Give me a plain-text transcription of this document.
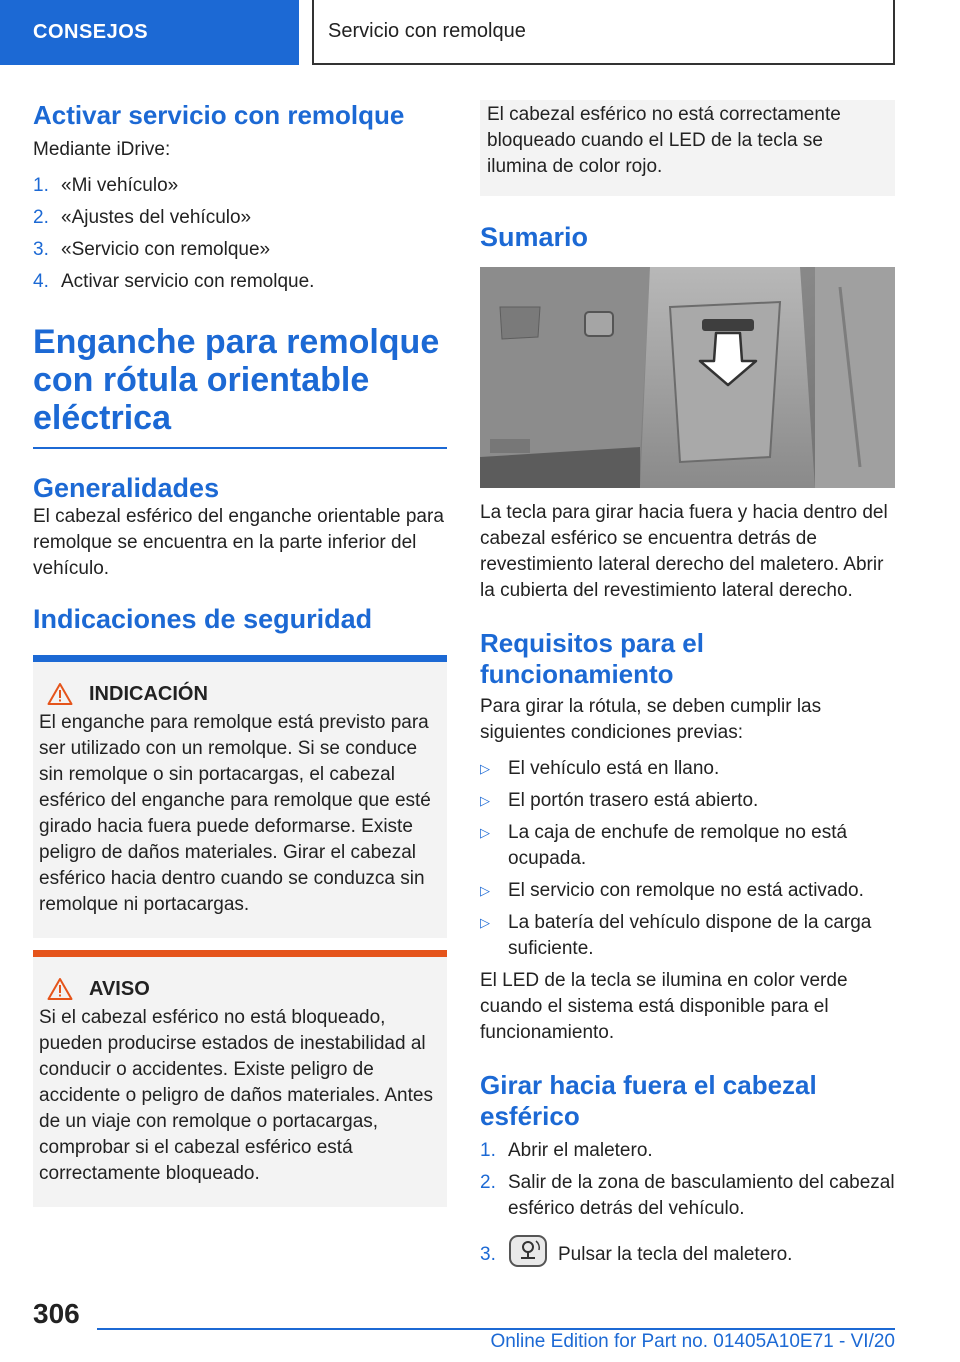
CONSEJOS	Servicio con remolque
Activar servicio con remolque

Mediante iDrive:

1. «Mi vehículo»
2. «Ajustes del vehículo»
3. «Servicio con remolque»
4. Activar servicio con remolque.
Enganche para remolque con rótula orientable eléctrica
Generalidades

El cabezal esférico del enganche orientable para remolque se encuentra en la parte inferior del vehículo.

Indicaciones de seguridad
INDICACIÓN

El enganche para remolque está previsto para ser utilizado con un remolque. Si se conduce sin remolque o sin portacargas, el cabezal esférico del enganche para remolque que esté girado hacia fuera puede deformarse. Existe peligro de daños materiales. Girar el cabezal esférico hacia dentro cuando se conduzca sin remolque ni portacargas.

AVISO

Si el cabezal esférico no está bloqueado, pueden producirse estados de inestabilidad al conducir o accidentes. Existe peligro de accidente o peligro de daños materiales. Antes de un viaje con remolque o portacargas, comprobar si el cabezal esférico está correctamente bloqueado.

El cabezal esférico no está correctamente bloqueado cuando el LED de la tecla se ilumina de color rojo.

Sumario

La tecla para girar hacia fuera y hacia dentro del cabezal esférico se encuentra detrás de revestimiento lateral derecho del maletero. Abrir la cubierta del revestimiento lateral derecho.

Requisitos para el funcionamiento

Para girar la rótula, se deben cumplir las siguientes condiciones previas:

▷ El vehículo está en llano.
▷ El portón trasero está abierto.
▷ La caja de enchufe de remolque no está ocupada.
▷ El servicio con remolque no está activado.
▷ La batería del vehículo dispone de la carga suficiente.

El LED de la tecla se ilumina en color verde cuando el sistema está disponible para el funcionamiento.

Girar hacia fuera el cabezal esférico
1. Abrir el maletero.
2. Salir de la zona de basculamiento del cabezal esférico detrás del vehículo.
3.	Pulsar la tecla del maletero.
306
Online Edition for Part no. 01405A10E71 - VI/20
